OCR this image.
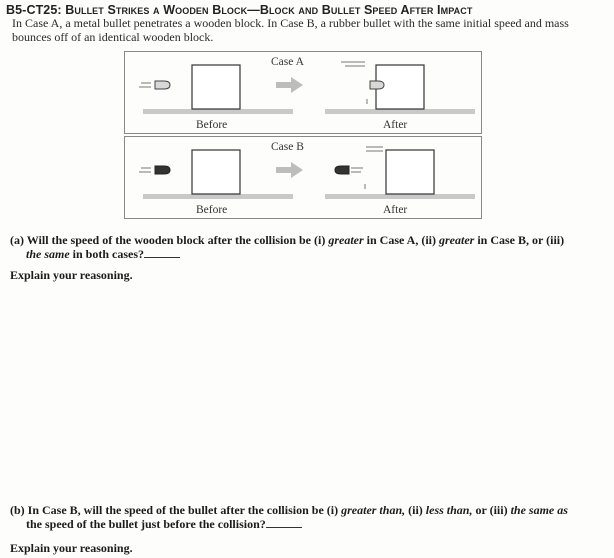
B5-CT25: Bullet Strikes a Wooden Block—Block and Bullet Speed After Impact
In Case A, a metal bullet penetrates a wooden block. In Case B, a rubber bullet with the same initial speed and mass bounces off of an identical wooden block.
Case A
Before	After
Case B
Before	After
(a) Will the speed of the wooden block after the collision be (i) greater in Case A, (ii) greater in Case B, or (iii)
the same in both cases?
Explain your reasoning.
(b) In Case B, will the speed of the bullet after the collision be (i) greater than, (ii) less than, or (iii) the same as
the speed of the bullet just before the collision?
Explain your reasoning.
